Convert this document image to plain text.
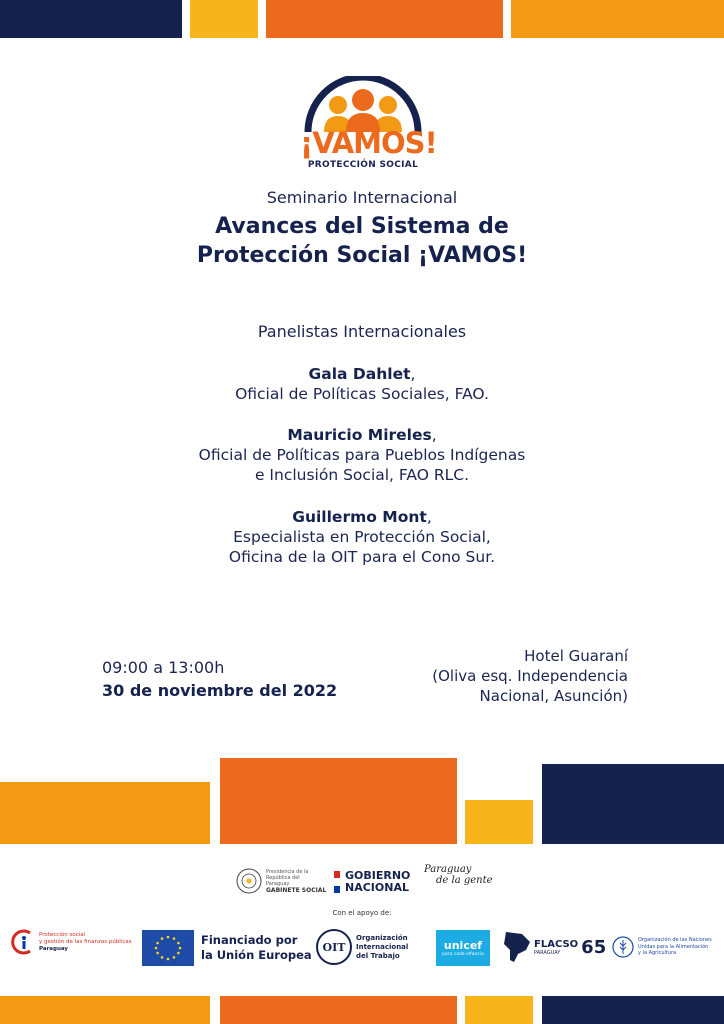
¡VAMOS!
PROTECCIÓN SOCIAL
Seminario Internacional
Avances del Sistema de
Protección Social ¡VAMOS!
Panelistas Internacionales
Gala Dahlet,
Oficial de Políticas Sociales, FAO.
Mauricio Mireles,
Oficial de Políticas para Pueblos Indígenas
e Inclusión Social, FAO RLC.
Guillermo Mont,
Especialista en Protección Social,
Oficina de la OIT para el Cono Sur.
09:00 a 13:00h
30 de noviembre del 2022
Hotel Guaraní
(Oliva esq. Independencia
Nacional, Asunción)
Presidencia de la República del Paraguay
GABINETE SOCIAL
GOBIERNO
NACIONAL
Paraguay
de la gente
Con el apoyo de:
Protección social
y gestión de las finanzas públicas
Paraguay
Financiado por
la Unión Europea
OIT
Organización
Internacional
del Trabajo
unicef
para cada infancia
FLACSO
PARAGUAY	65	Organización de las Naciones
Unidas para la Alimentación
y la Agricultura
